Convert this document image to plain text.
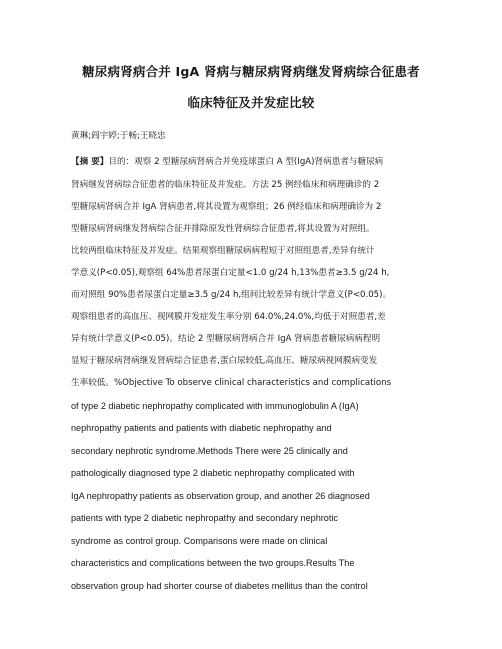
糖尿病肾病合并 IgA 肾病与糖尿病肾病继发肾病综合征患者
临床特征及并发症比较
黄琳;阎宇婷;于畅;王晓忠
【摘 要】目的：观察 2 型糖尿病肾病合并免疫球蛋白 A 型(IgA)肾病患者与糖尿病
肾病继发肾病综合征患者的临床特征及并发症。方法 25 例经临床和病理确诊的 2
型糖尿病肾病合并 IgA 肾病患者,将其设置为观察组；26 例经临床和病理确诊为 2
型糖尿病肾病继发肾病综合征并排除原发性肾病综合征患者,将其设置为对照组。
比较两组临床特征及并发症。结果观察组糖尿病病程短于对照组患者,差异有统计
学意义(P<0.05),观察组 64%患者尿蛋白定量<1.0 g/24 h,13%患者≥3.5 g/24 h,
而对照组 90%患者尿蛋白定量≥3.5 g/24 h,组间比较差异有统计学意义(P<0.05)。
观察组患者的高血压、视网膜并发症发生率分别 64.0%,24.0%,均低于对照患者,差
异有统计学意义(P<0.05)。结论 2 型糖尿病肾病合并 IgA 肾病患者糖尿病病程明
显短于糖尿病肾病继发肾病综合征患者,蛋白尿较低,高血压、糖尿病视网膜病变发
生率较低。%Objective To observe clinical characteristics and complications
of type 2 diabetic nephropathy complicated with immunoglobulin A (IgA)
nephropathy patients and patients with diabetic nephropathy and
secondary nephrotic syndrome.Methods There were 25 clinically and
pathologically diagnosed type 2 diabetic nephropathy complicated with
IgA nephropathy patients as observation group, and another 26 diagnosed
patients with type 2 diabetic nephropathy and secondary nephrotic
syndrome as control group. Comparisons were made on clinical
characteristics and complications between the two groups.Results The
observation group had shorter course of diabetes mellitus than the control
